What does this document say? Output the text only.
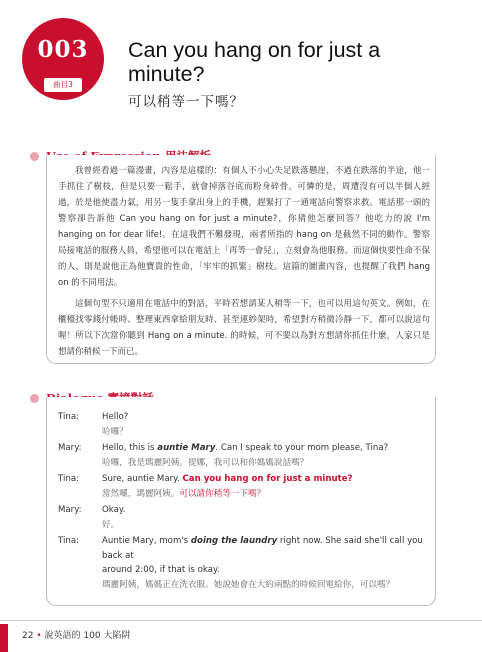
003
曲目3
Can you hang on for just a minute?
可以稍等一下嗎？
我曾經看過一篇漫畫，內容是這樣的：有個人不小心失足跌落懸崖，不過在跌落的半途，他一手抓住了樹枝，但是只要一鬆手，就會掉落谷底而粉身碎骨。可憐的是，周遭沒有可以半個人經過，於是他使盡力氣，用另一隻手拿出身上的手機，趕緊打了一通電話向警察求救。電話那一頭的警察卻告訴他 Can you hang on for just a minute?，你猜他怎麼回答？他吃力的說 I'm hanging on for dear life!。在這我們不難發現，兩者所指的 hang on 是截然不同的動作。警察局接電話的服務人員，希望他可以在電話上「再等一會兒」，立刻會為他服務。而這個快要性命不保的人，則是說他正為他寶貴的性命，「牢牢的抓緊」樹枝。這篇的圖畫內容，也提醒了我們 hang on 的不同用法。
這個句型不只適用在電話中的對話，平時若想請某人稍等一下，也可以用這句英文。例如，在櫃檯找零錢付帳時、整理東西拿給朋友時、甚至連紗架時，希望對方稍微冷靜一下，都可以說這句喔！所以下次當你聽到 Hang on a minute. 的時候，可不要以為對方想請你抓住什麼，人家只是想請你稍候一下而已。
Tina:	Hello?
哈囉？
Mary:	Hello, this is auntie Mary. Can I speak to your mom please, Tina?
哈囉，我是瑪麗阿姨。提娜，我可以和你媽媽說話嗎？
Tina:	Sure, auntie Mary. Can you hang on for just a minute?
當然囉，瑪麗阿姨。可以請你稍等一下嗎？
Mary:	Okay.
好。
Tina:	Auntie Mary, mom's doing the laundry right now. She said she'll call you back at
around 2:00, if that is okay.
瑪麗阿姨，媽媽正在洗衣服。她說她會在大約兩點的時候回電給你，可以嗎？
22 • 說英語的 100 大陷阱
